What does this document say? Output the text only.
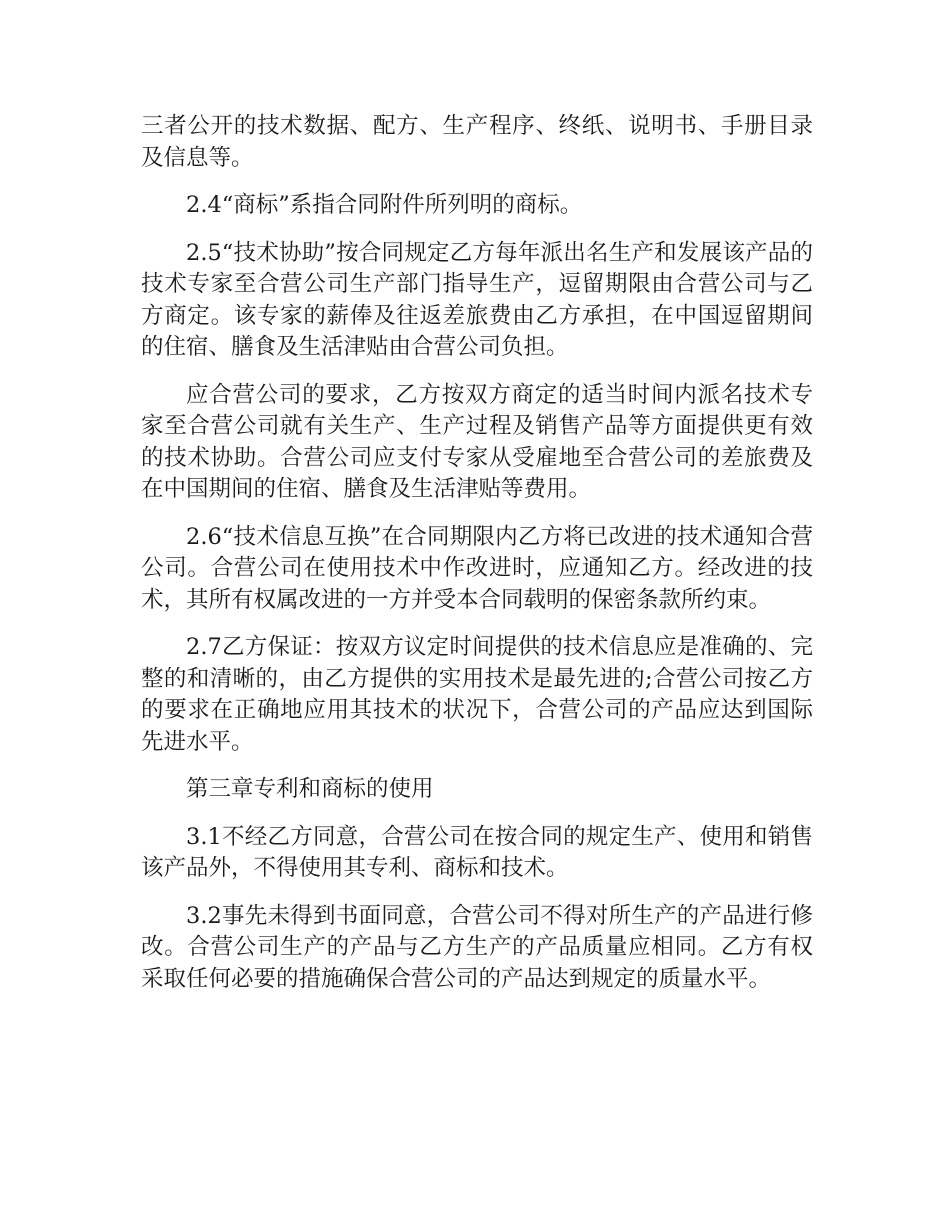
三者公开的技术数据、配方、生产程序、终纸、说明书、手册目录及信息等。

2.4“商标”系指合同附件所列明的商标。

2.5“技术协助”按合同规定乙方每年派出名生产和发展该产品的技术专家至合营公司生产部门指导生产，逗留期限由合营公司与乙方商定。该专家的薪俸及往返差旅费由乙方承担，在中国逗留期间的住宿、膳食及生活津贴由合营公司负担。

应合营公司的要求，乙方按双方商定的适当时间内派名技术专家至合营公司就有关生产、生产过程及销售产品等方面提供更有效的技术协助。合营公司应支付专家从受雇地至合营公司的差旅费及在中国期间的住宿、膳食及生活津贴等费用。

2.6“技术信息互换”在合同期限内乙方将已改进的技术通知合营公司。合营公司在使用技术中作改进时，应通知乙方。经改进的技术，其所有权属改进的一方并受本合同载明的保密条款所约束。

2.7乙方保证：按双方议定时间提供的技术信息应是准确的、完整的和清晰的，由乙方提供的实用技术是最先进的;合营公司按乙方的要求在正确地应用其技术的状况下，合营公司的产品应达到国际先进水平。

第三章专利和商标的使用

3.1不经乙方同意，合营公司在按合同的规定生产、使用和销售该产品外，不得使用其专利、商标和技术。

3.2事先未得到书面同意，合营公司不得对所生产的产品进行修改。合营公司生产的产品与乙方生产的产品质量应相同。乙方有权采取任何必要的措施确保合营公司的产品达到规定的质量水平。
